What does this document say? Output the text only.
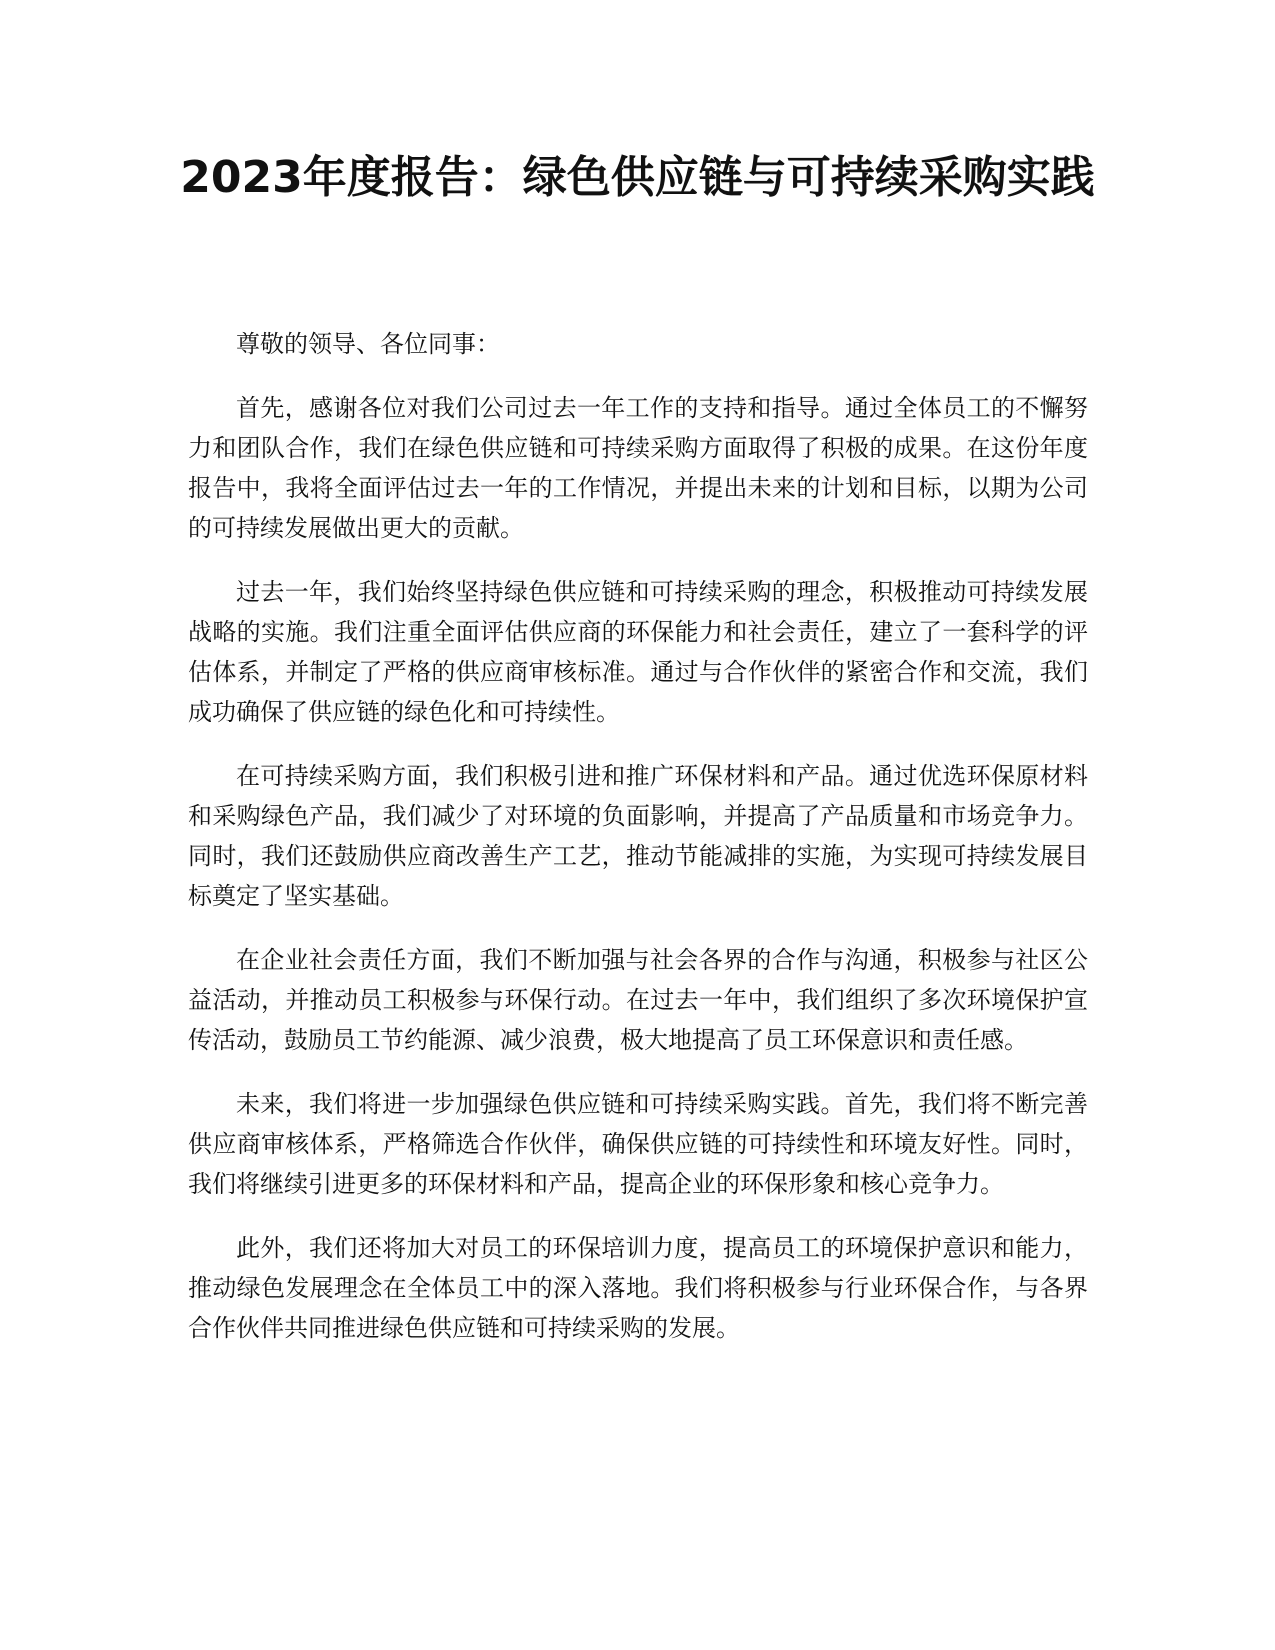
2023年度报告：绿色供应链与可持续采购实践

尊敬的领导、各位同事：

首先，感谢各位对我们公司过去一年工作的支持和指导。通过全体员工的不懈努力和团队合作，我们在绿色供应链和可持续采购方面取得了积极的成果。在这份年度报告中，我将全面评估过去一年的工作情况，并提出未来的计划和目标，以期为公司的可持续发展做出更大的贡献。

过去一年，我们始终坚持绿色供应链和可持续采购的理念，积极推动可持续发展战略的实施。我们注重全面评估供应商的环保能力和社会责任，建立了一套科学的评估体系，并制定了严格的供应商审核标准。通过与合作伙伴的紧密合作和交流，我们成功确保了供应链的绿色化和可持续性。

在可持续采购方面，我们积极引进和推广环保材料和产品。通过优选环保原材料和采购绿色产品，我们减少了对环境的负面影响，并提高了产品质量和市场竞争力。同时，我们还鼓励供应商改善生产工艺，推动节能减排的实施，为实现可持续发展目标奠定了坚实基础。

在企业社会责任方面，我们不断加强与社会各界的合作与沟通，积极参与社区公益活动，并推动员工积极参与环保行动。在过去一年中，我们组织了多次环境保护宣传活动，鼓励员工节约能源、减少浪费，极大地提高了员工环保意识和责任感。

未来，我们将进一步加强绿色供应链和可持续采购实践。首先，我们将不断完善供应商审核体系，严格筛选合作伙伴，确保供应链的可持续性和环境友好性。同时，我们将继续引进更多的环保材料和产品，提高企业的环保形象和核心竞争力。

此外，我们还将加大对员工的环保培训力度，提高员工的环境保护意识和能力，推动绿色发展理念在全体员工中的深入落地。我们将积极参与行业环保合作，与各界合作伙伴共同推进绿色供应链和可持续采购的发展。
